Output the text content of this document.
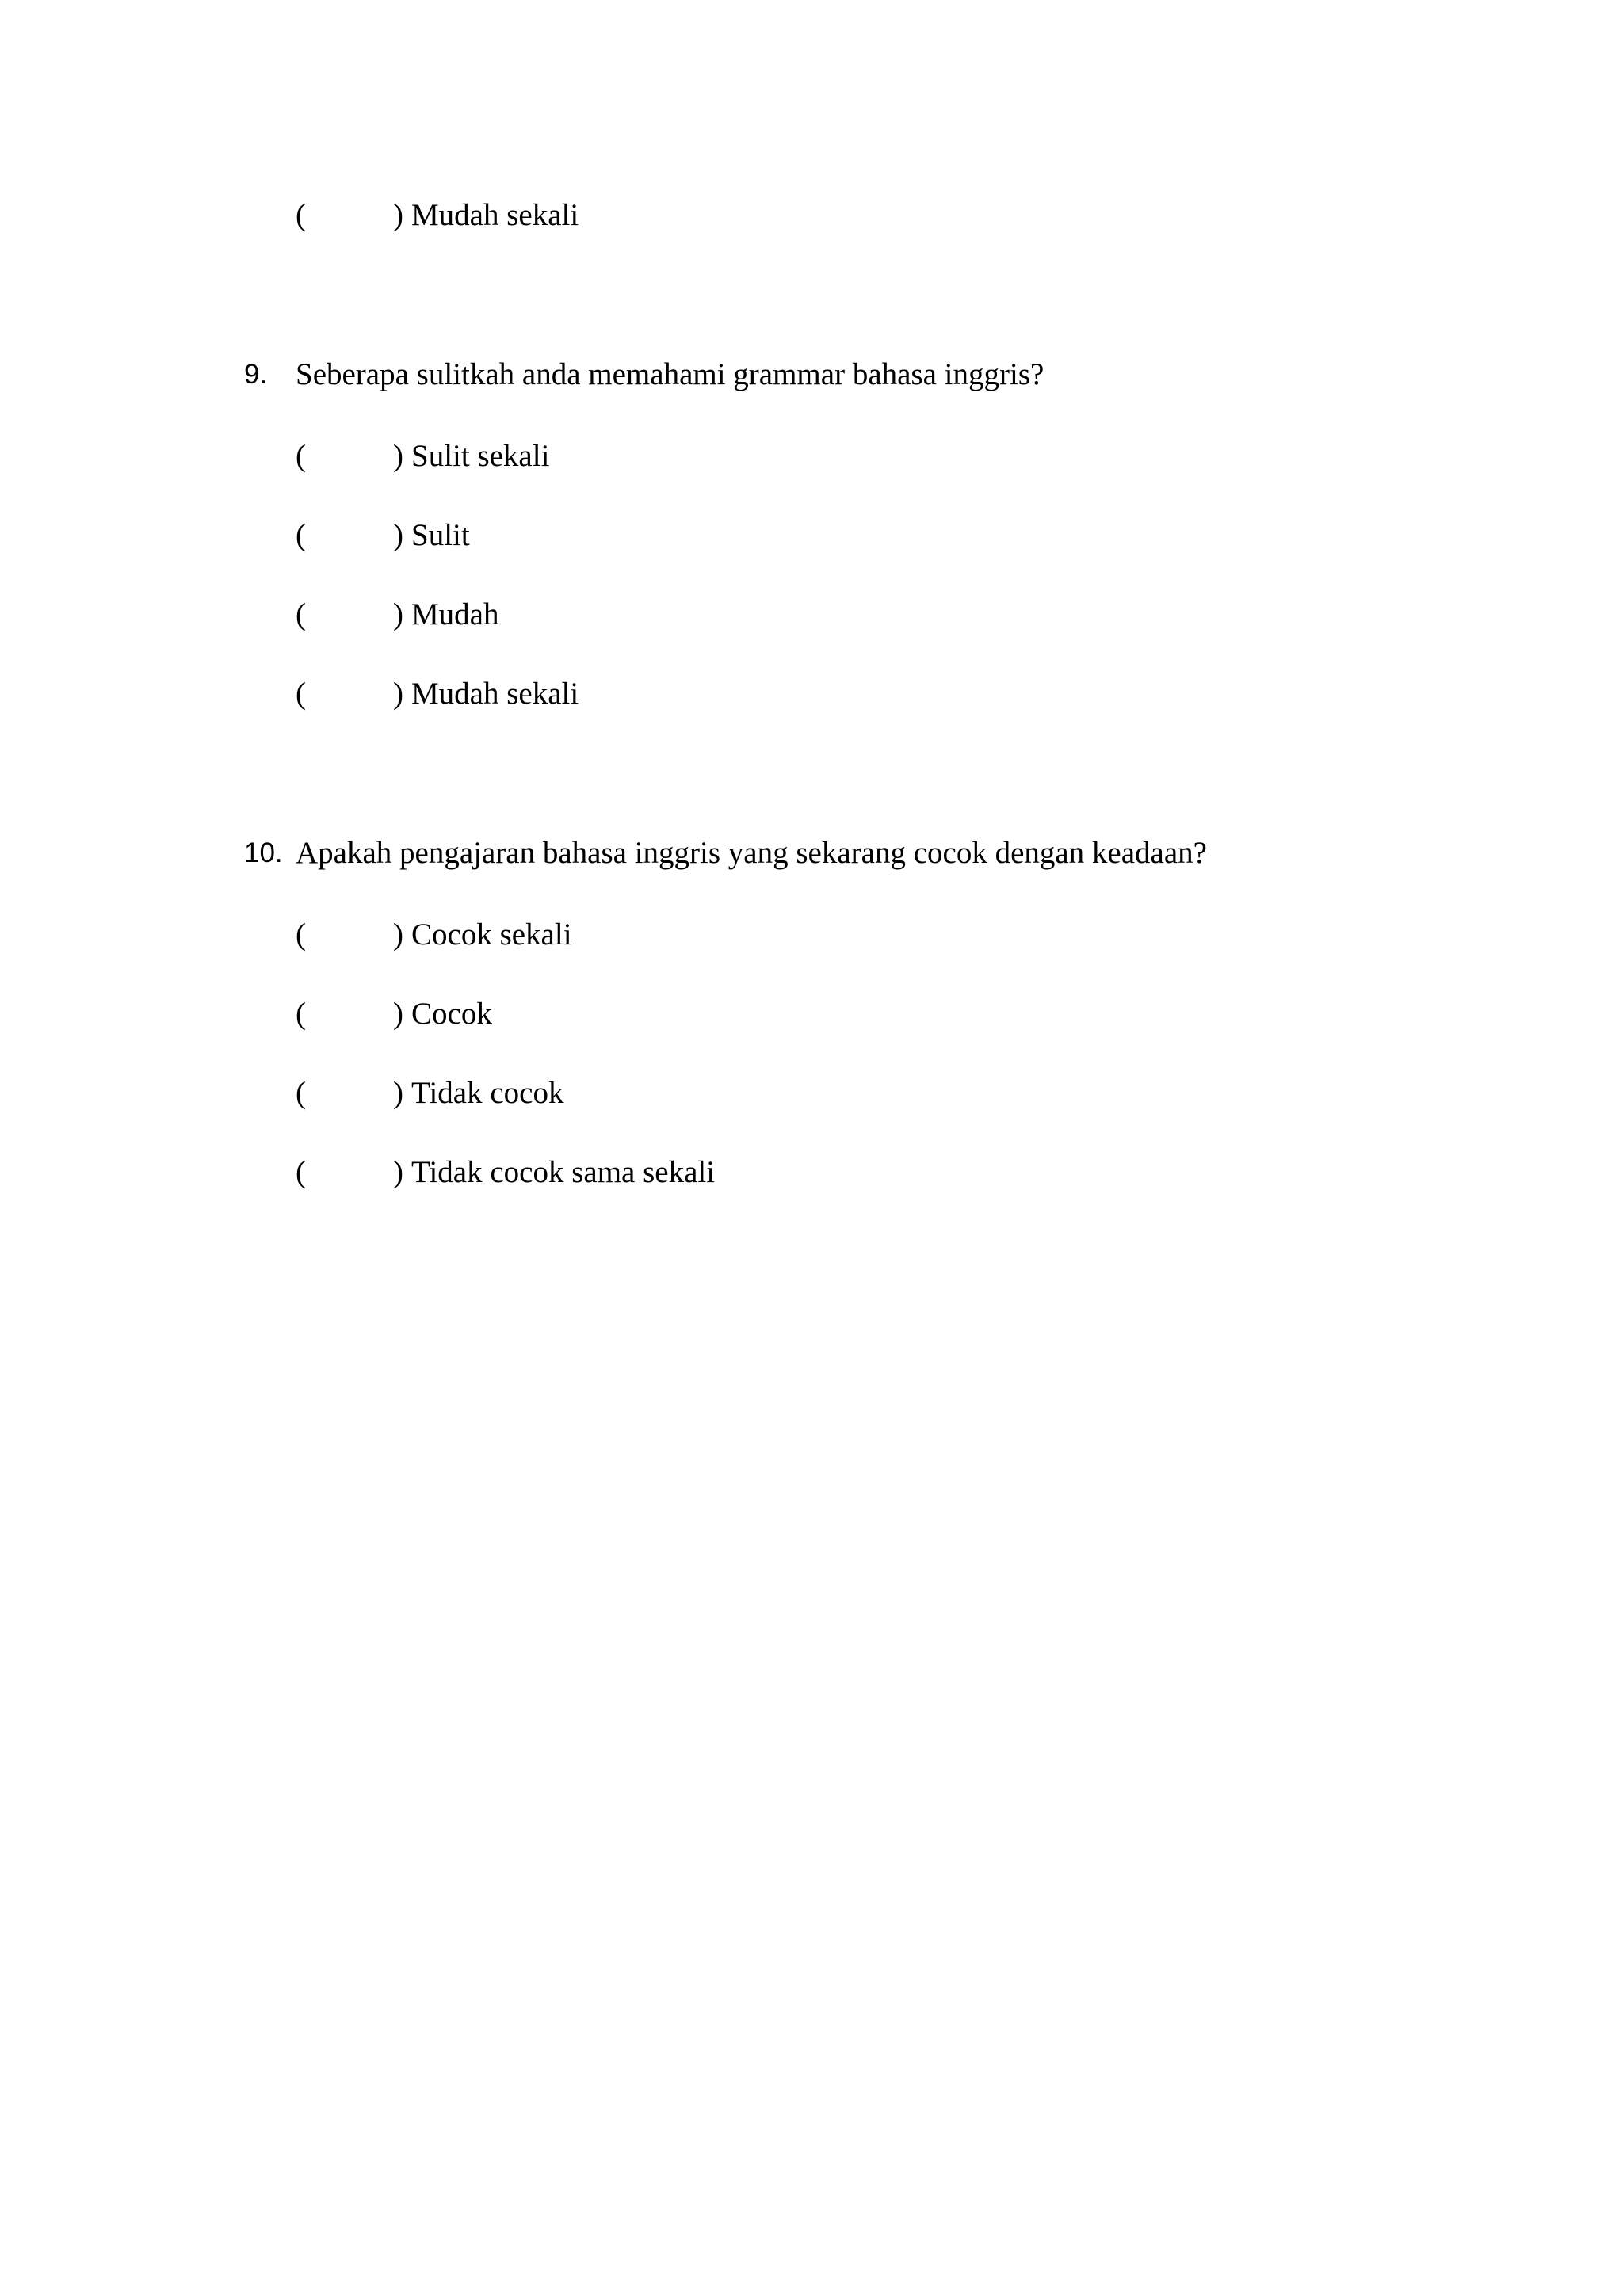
(	) Mudah sekali
9. Seberapa sulitkah anda memahami grammar bahasa inggris?
(	) Sulit sekali
(	) Sulit
(	) Mudah
(	) Mudah sekali
10. Apakah pengajaran bahasa inggris yang sekarang cocok dengan keadaan?
(	) Cocok sekali
(	) Cocok
(	) Tidak cocok
(	) Tidak cocok sama sekali
